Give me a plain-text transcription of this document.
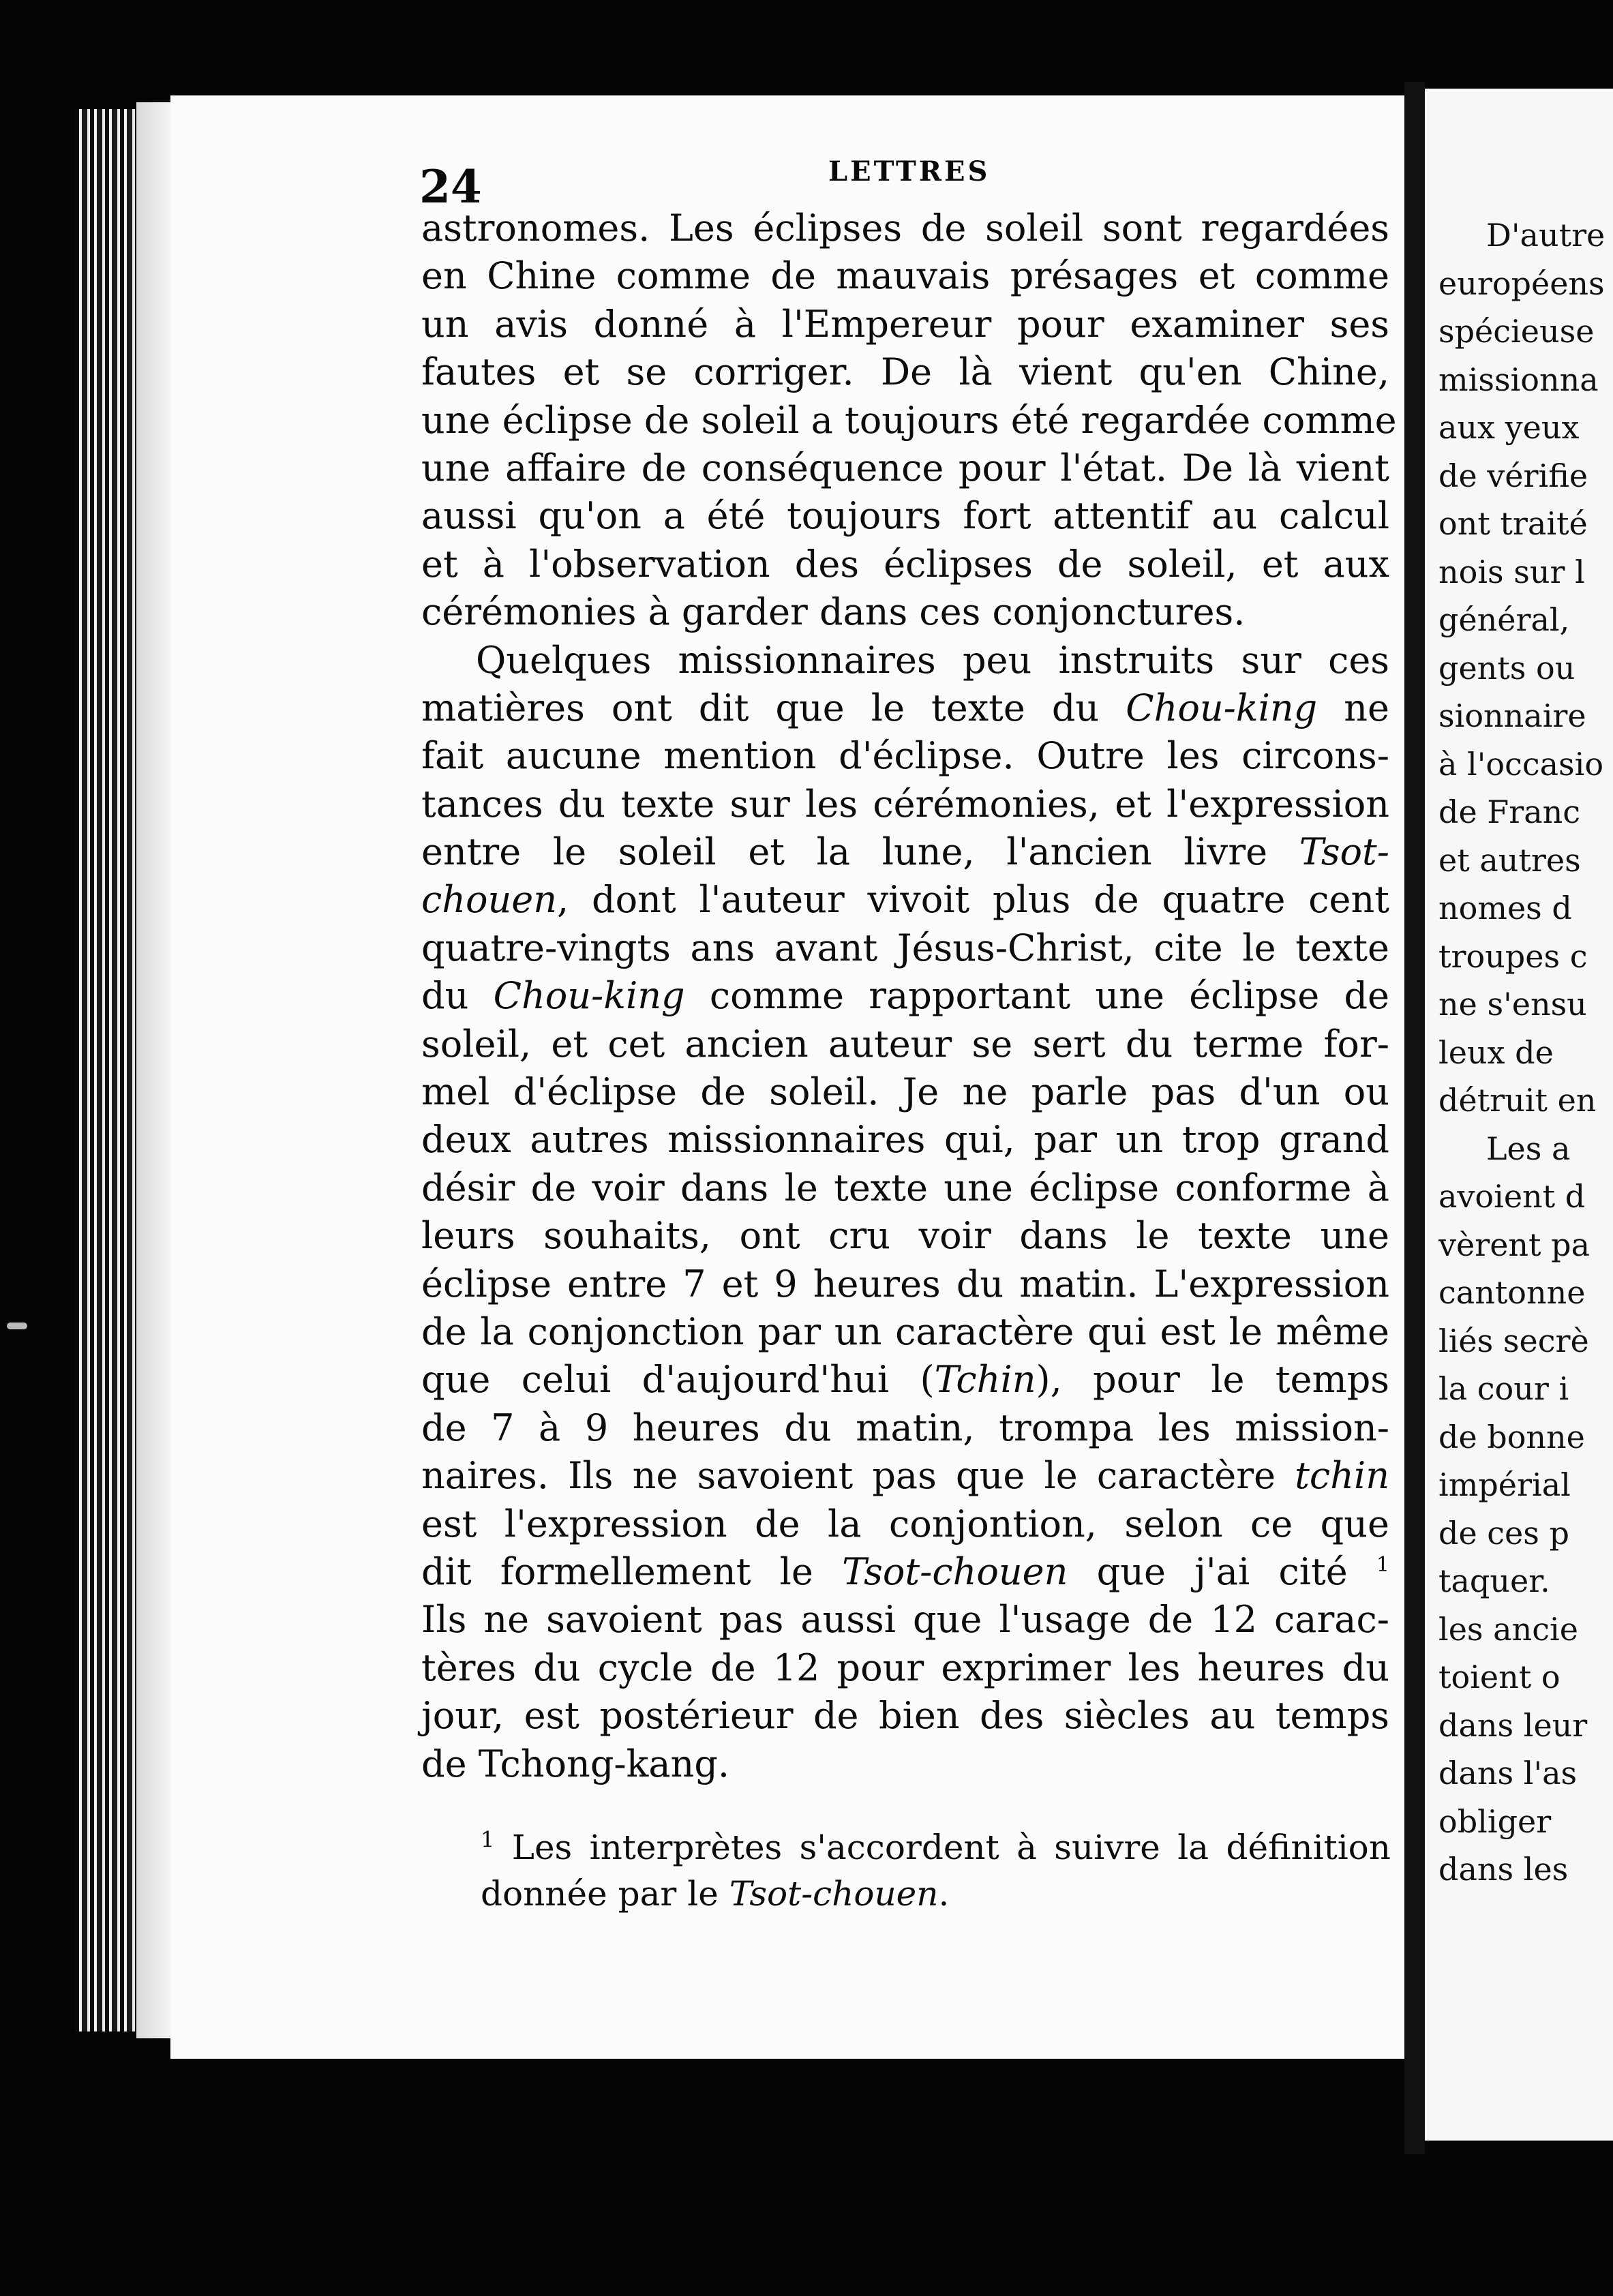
D'autre
européens
spécieuse
missionna
aux yeux
de vérifie
ont traité
nois sur l
général,
gents ou
sionnaire
à l'occasio
de Franc
et autres
nomes d
troupes c
ne s'ensu
leux de
détruit en
Les a
avoient d
vèrent pa
cantonne
liés secrè
la cour i
de bonne
impérial
de ces p
taquer.
les ancie
toient o
dans leur
dans l'as
obliger
dans les
24	LETTRES
astronomes. Les éclipses de soleil sont regardées
en Chine comme de mauvais présages et comme
un avis donné à l'Empereur pour examiner ses
fautes et se corriger. De là vient qu'en Chine,
une éclipse de soleil a toujours été regardée comme
une affaire de conséquence pour l'état. De là vient
aussi qu'on a été toujours fort attentif au calcul
et à l'observation des éclipses de soleil, et aux
cérémonies à garder dans ces conjonctures.
Quelques missionnaires peu instruits sur ces
matières ont dit que le texte du Chou-king ne
fait aucune mention d'éclipse. Outre les circons-
tances du texte sur les cérémonies, et l'expression
entre le soleil et la lune, l'ancien livre Tsot-
chouen, dont l'auteur vivoit plus de quatre cent
quatre-vingts ans avant Jésus-Christ, cite le texte
du Chou-king comme rapportant une éclipse de
soleil, et cet ancien auteur se sert du terme for-
mel d'éclipse de soleil. Je ne parle pas d'un ou
deux autres missionnaires qui, par un trop grand
désir de voir dans le texte une éclipse conforme à
leurs souhaits, ont cru voir dans le texte une
éclipse entre 7 et 9 heures du matin. L'expression
de la conjonction par un caractère qui est le même
que celui d'aujourd'hui (Tchin), pour le temps
de 7 à 9 heures du matin, trompa les mission-
naires. Ils ne savoient pas que le caractère tchin
est l'expression de la conjontion, selon ce que
dit formellement le Tsot-chouen que j'ai cité $^1$
Ils ne savoient pas aussi que l'usage de 12 carac-
tères du cycle de 12 pour exprimer les heures du
jour, est postérieur de bien des siècles au temps
de Tchong-kang.
$^1$ Les interprètes s'accordent à suivre la définition
donnée par le Tsot-chouen.
